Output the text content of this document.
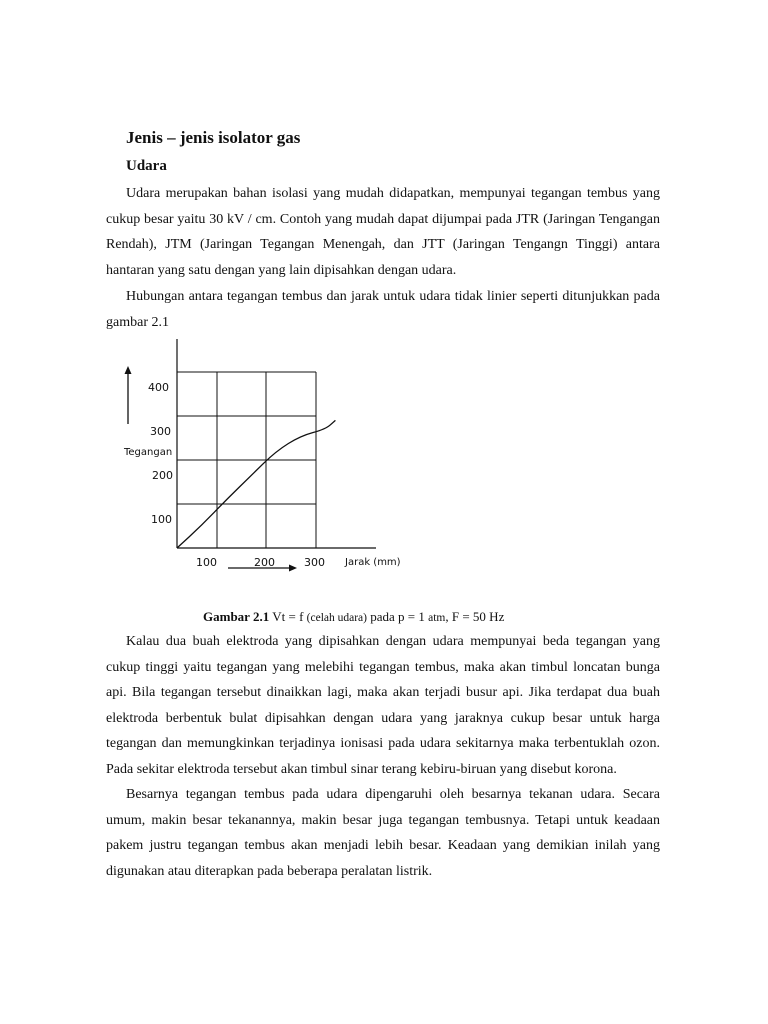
Jenis – jenis isolator gas
Udara

Udara merupakan bahan isolasi yang mudah didapatkan, mempunyai tegangan tembus yang cukup besar yaitu 30 kV / cm. Contoh yang mudah dapat dijumpai pada JTR (Jaringan Tengangan Rendah), JTM (Jaringan Tegangan Menengah, dan JTT (Jaringan Tengangn Tinggi) antara hantaran yang satu dengan yang lain dipisahkan dengan udara.

Hubungan antara tegangan tembus dan jarak untuk udara tidak linier seperti ditunjukkan pada gambar 2.1

400
300
200
100
Tegangan
100	200	300 Jarak (mm)

Gambar 2.1 Vt = f (celah udara) pada p = 1 atm, F = 50 Hz

Kalau dua buah elektroda yang dipisahkan dengan udara mempunyai beda tegangan yang cukup tinggi yaitu tegangan yang melebihi tegangan tembus, maka akan timbul loncatan bunga api. Bila tegangan tersebut dinaikkan lagi, maka akan terjadi busur api. Jika terdapat dua buah elektroda berbentuk bulat dipisahkan dengan udara yang jaraknya cukup besar untuk harga tegangan dan memungkinkan terjadinya ionisasi pada udara sekitarnya maka terbentuklah ozon. Pada sekitar elektroda tersebut akan timbul sinar terang kebiru-biruan yang disebut korona.

Besarnya tegangan tembus pada udara dipengaruhi oleh besarnya tekanan udara. Secara umum, makin besar tekanannya, makin besar juga tegangan tembusnya. Tetapi untuk keadaan pakem justru tegangan tembus akan menjadi lebih besar. Keadaan yang demikian inilah yang digunakan atau diterapkan pada beberapa peralatan listrik.
